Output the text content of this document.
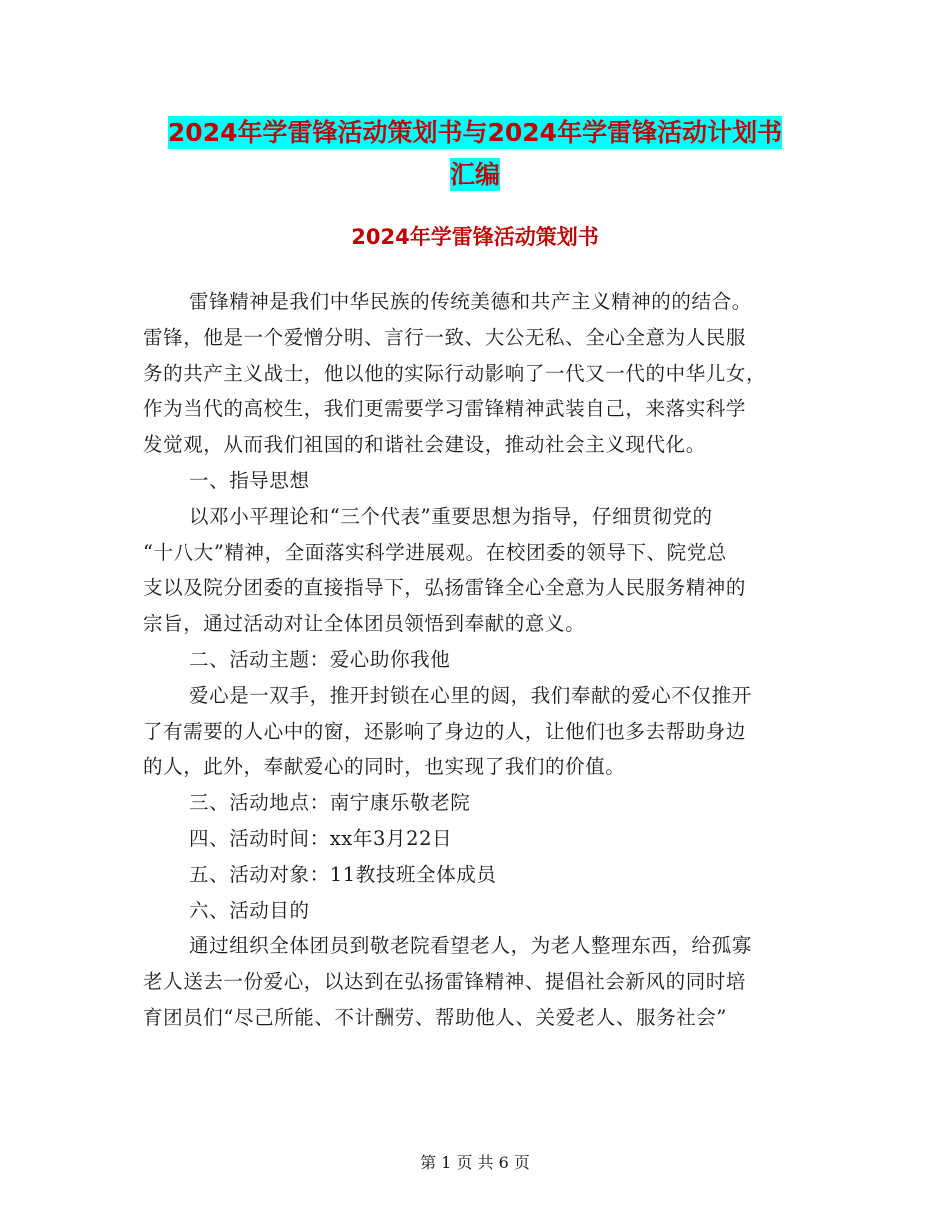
2024年学雷锋活动策划书与2024年学雷锋活动计划书
汇编
2024年学雷锋活动策划书
雷锋精神是我们中华民族的传统美德和共产主义精神的的结合。
雷锋，他是一个爱憎分明、言行一致、大公无私、全心全意为人民服
务的共产主义战士，他以他的实际行动影响了一代又一代的中华儿女，
作为当代的高校生，我们更需要学习雷锋精神武装自己，来落实科学
发觉观，从而我们祖国的和谐社会建设，推动社会主义现代化。
一、指导思想
以邓小平理论和“三个代表”重要思想为指导，仔细贯彻党的
“十八大”精神，全面落实科学进展观。在校团委的领导下、院党总
支以及院分团委的直接指导下，弘扬雷锋全心全意为人民服务精神的
宗旨，通过活动对让全体团员领悟到奉献的意义。
二、活动主题：爱心助你我他
爱心是一双手，推开封锁在心里的闼，我们奉献的爱心不仅推开
了有需要的人心中的窗，还影响了身边的人，让他们也多去帮助身边
的人，此外，奉献爱心的同时，也实现了我们的价值。
三、活动地点：南宁康乐敬老院
四、活动时间：xx年3月22日
五、活动对象：11教技班全体成员
六、活动目的
通过组织全体团员到敬老院看望老人，为老人整理东西，给孤寡
老人送去一份爱心，以达到在弘扬雷锋精神、提倡社会新风的同时培
育团员们“尽己所能、不计酬劳、帮助他人、关爱老人、服务社会”
第 1 页 共 6 页
